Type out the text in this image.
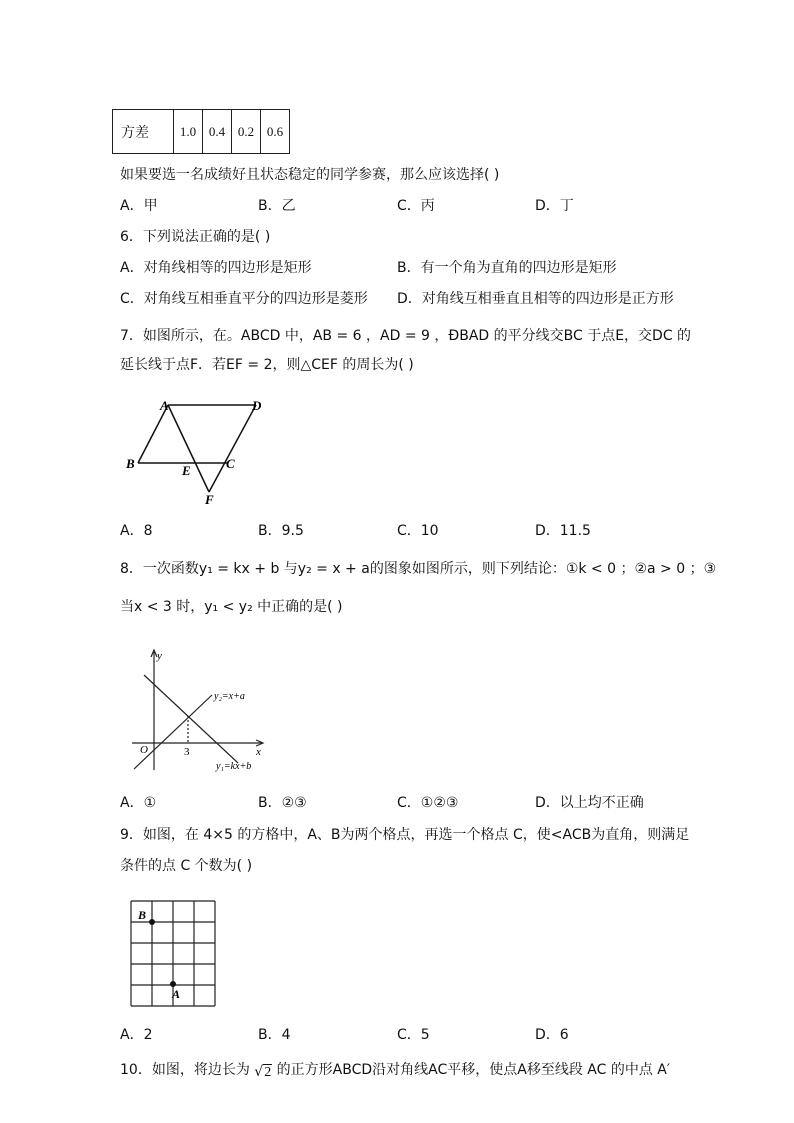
方差	1.0	0.4	0.2	0.6
如果要选一名成绩好且状态稳定的同学参赛，那么应该选择( )
A．甲	B．乙	C．丙	D．丁
6．下列说法正确的是( )
A．对角线相等的四边形是矩形	B．有一个角为直角的四边形是矩形
C．对角线互相垂直平分的四边形是菱形 D．对角线互相垂直且相等的四边形是正方形
7．如图所示，在。ABCD 中，AB = 6 ，AD = 9 ，ÐBAD 的平分线交BC 于点E，交DC 的
延长线于点F．若EF = 2，则△CEF 的周长为( )
A	D
B	C
E
F
A．8	B．9.5	C．10	D．11.5
8．一次函数y₁ = kx + b 与y₂ = x + a的图象如图所示，则下列结论：①k < 0 ；②a > 0 ；③
当x < 3 时，y₁ < y₂ 中正确的是( )
y
x
O	3
y₂=x+a
y₁=kx+b
A．①	B．②③	C．①②③	D．以上均不正确
9．如图，在 4×5 的方格中，A、B为两个格点，再选一个格点 C，使<ACB为直角，则满足
条件的点 C 个数为( )
B
A
A．2	B．4	C．5	D．6
10．如图，将边长为 √2 的正方形ABCD沿对角线AC平移，使点A移至线段 AC 的中点 A′
